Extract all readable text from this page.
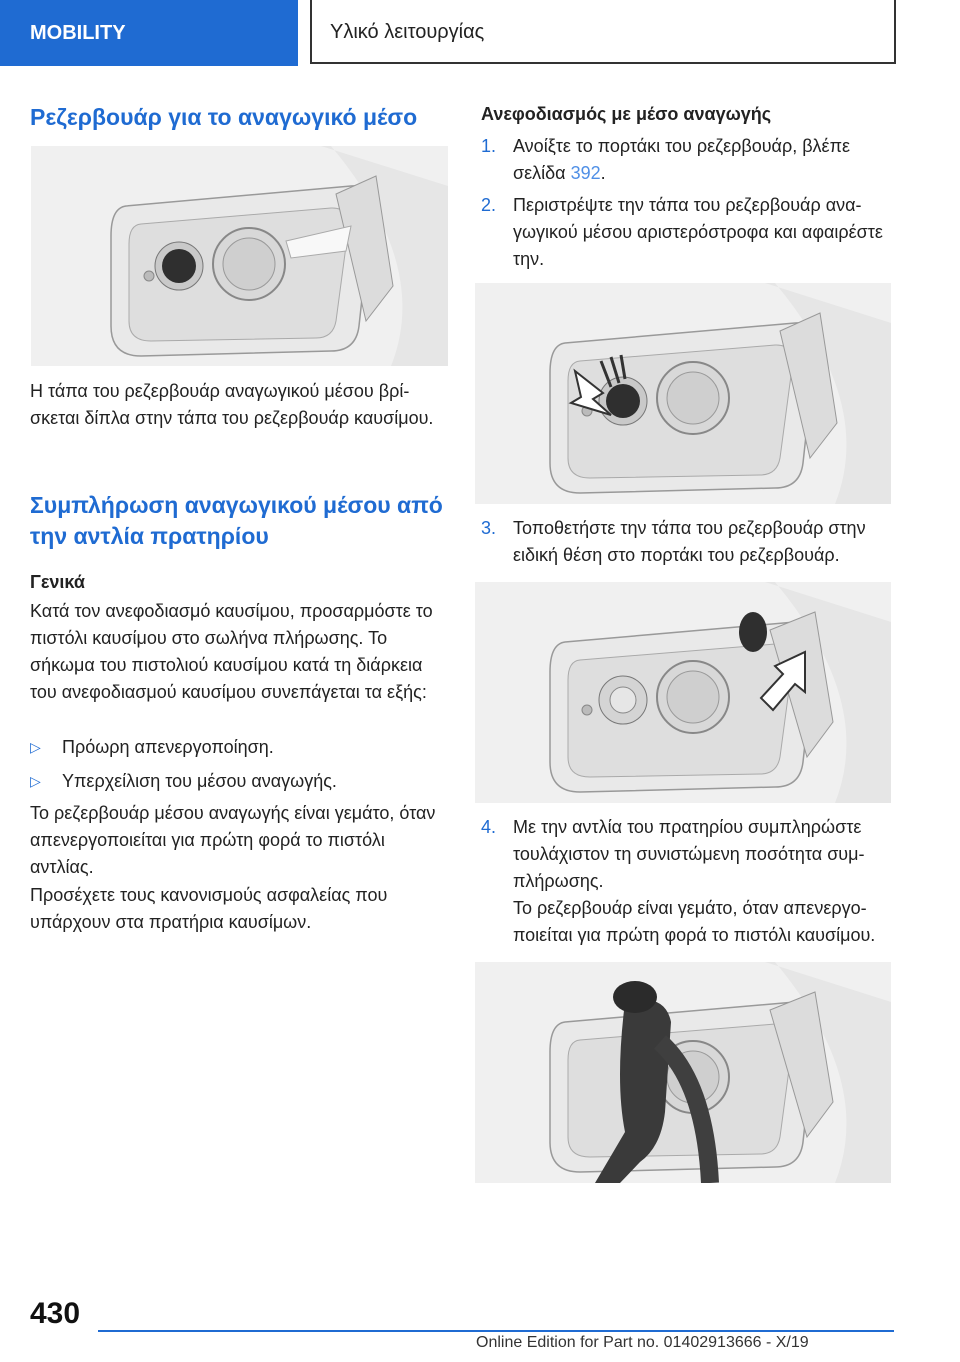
MOBILITY	Υλικό λειτουργίας
Ρεζερβουάρ για το αναγωγικό μέσο

Η τάπα του ρεζερβουάρ αναγωγικού μέσου βρίσκεται δίπλα στην τάπα του ρεζερβουάρ καυσίμου.

Συμπλήρωση αναγωγικού μέσου από την αντλία πρατηρίου
Γενικά

Κατά τον ανεφοδιασμό καυσίμου, προσαρμόστε το πιστόλι καυσίμου στο σωλήνα πλήρωσης. Το σήκωμα του πιστολιού καυσίμου κατά τη διάρκεια του ανεφοδιασμού καυσίμου συνεπάγεται τα εξής:

▷ Πρόωρη απενεργοποίηση.
▷ Υπερχείλιση του μέσου αναγωγής.

Το ρεζερβουάρ μέσου αναγωγής είναι γεμάτο, όταν απενεργοποιείται για πρώτη φορά το πιστόλι αντλίας.

Προσέχετε τους κανονισμούς ασφαλείας που υπάρχουν στα πρατήρια καυσίμων.

Ανεφοδιασμός με μέσο αναγωγής
1. Ανοίξτε το πορτάκι του ρεζερβουάρ, βλέπε σελίδα 392.
2. Περιστρέψτε την τάπα του ρεζερβουάρ αναγωγικού μέσου αριστερόστροφα και αφαιρέστε την.
3. Τοποθετήστε την τάπα του ρεζερβουάρ στην ειδική θέση στο πορτάκι του ρεζερβουάρ.
4. Με την αντλία του πρατηρίου συμπληρώστε τουλάχιστον τη συνιστώμενη ποσότητα συμπλήρωσης.

Το ρεζερβουάρ είναι γεμάτο, όταν απενεργοποιείται για πρώτη φορά το πιστόλι καυσίμου.

430
Online Edition for Part no. 01402913666 - X/19
